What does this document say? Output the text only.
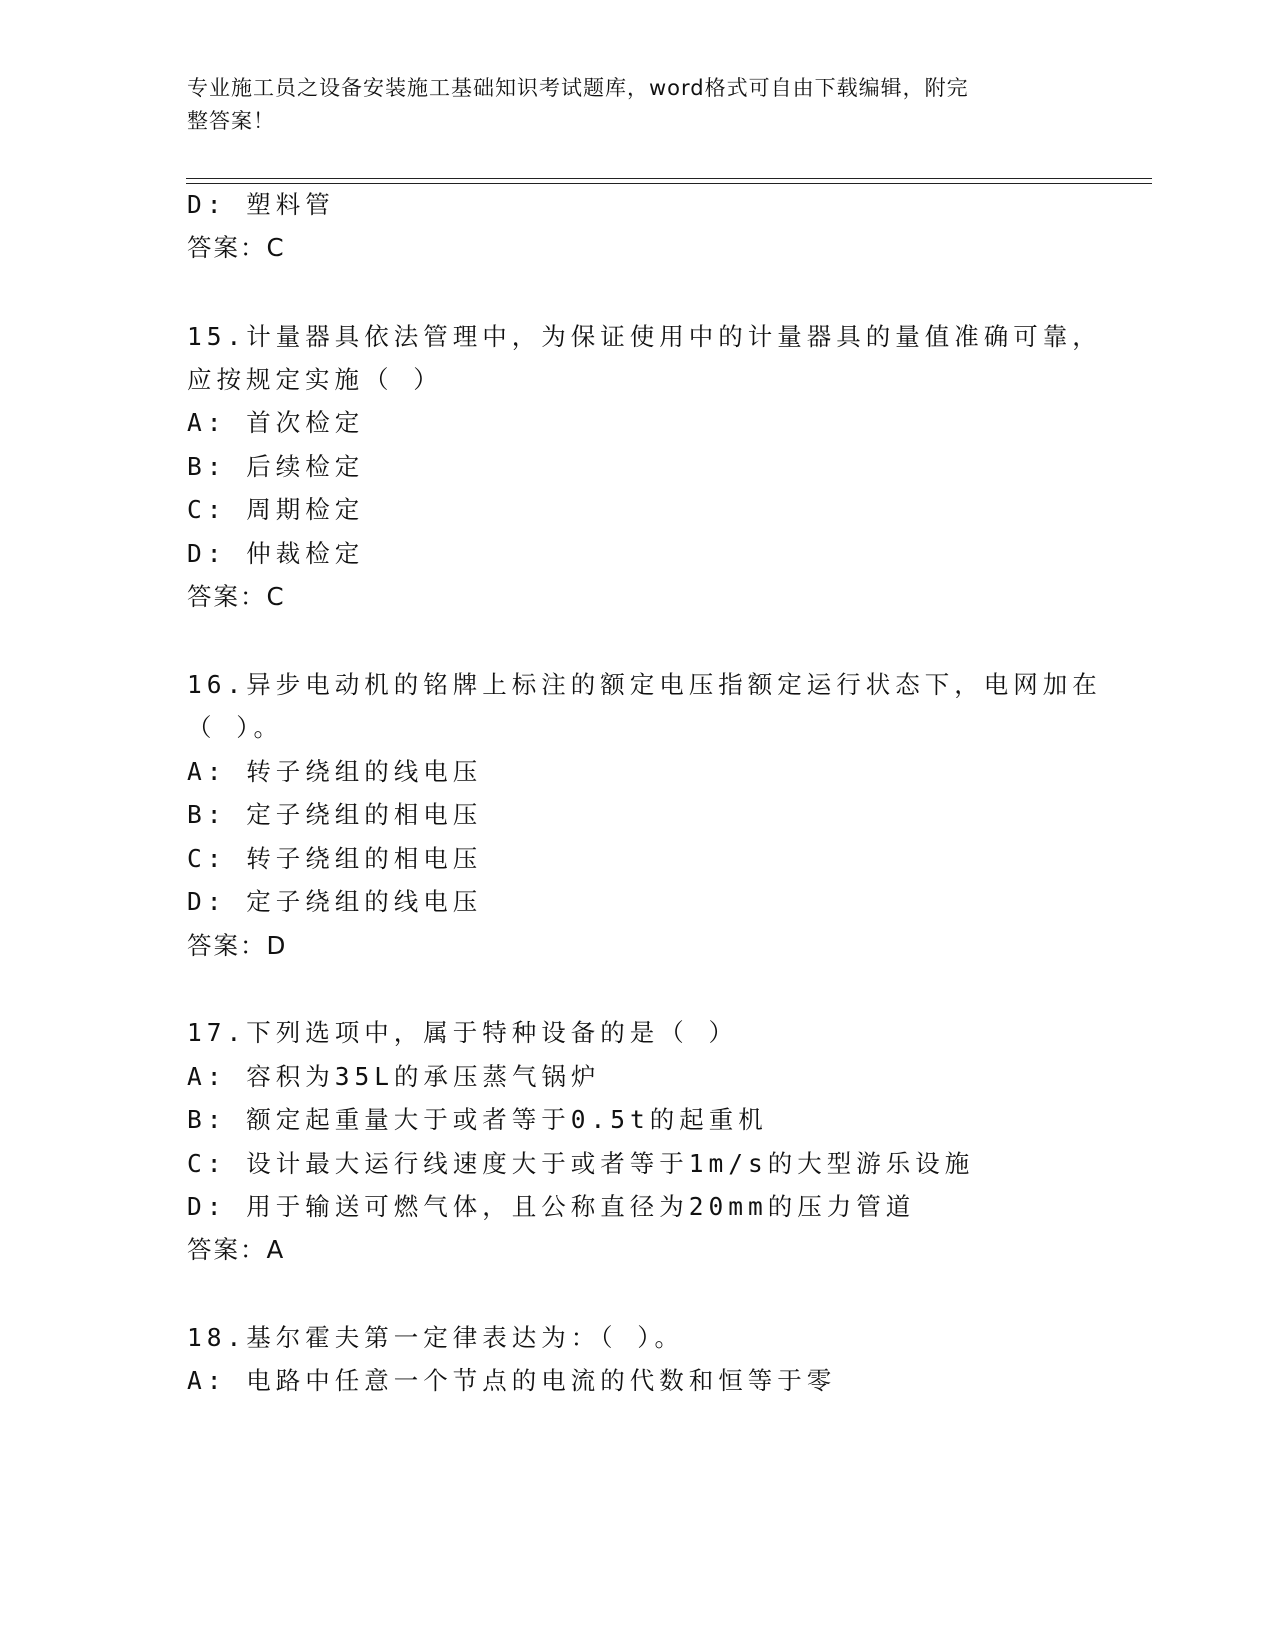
专业施工员之设备安装施工基础知识考试题库，word格式可自由下载编辑，附完
整答案！
D: 塑料管
答案：C
15.计量器具依法管理中，为保证使用中的计量器具的量值准确可靠，
应按规定实施（ ）
A: 首次检定
B: 后续检定
C: 周期检定
D: 仲裁检定
答案：C
16.异步电动机的铭牌上标注的额定电压指额定运行状态下，电网加在
（ ）。
A: 转子绕组的线电压
B: 定子绕组的相电压
C: 转子绕组的相电压
D: 定子绕组的线电压
答案：D
17.下列选项中，属于特种设备的是（ ）
A: 容积为35L的承压蒸气锅炉
B: 额定起重量大于或者等于0.5t的起重机
C: 设计最大运行线速度大于或者等于1m/s的大型游乐设施
D: 用于输送可燃气体，且公称直径为20mm的压力管道
答案：A
18.基尔霍夫第一定律表达为：（ ）。
A: 电路中任意一个节点的电流的代数和恒等于零
